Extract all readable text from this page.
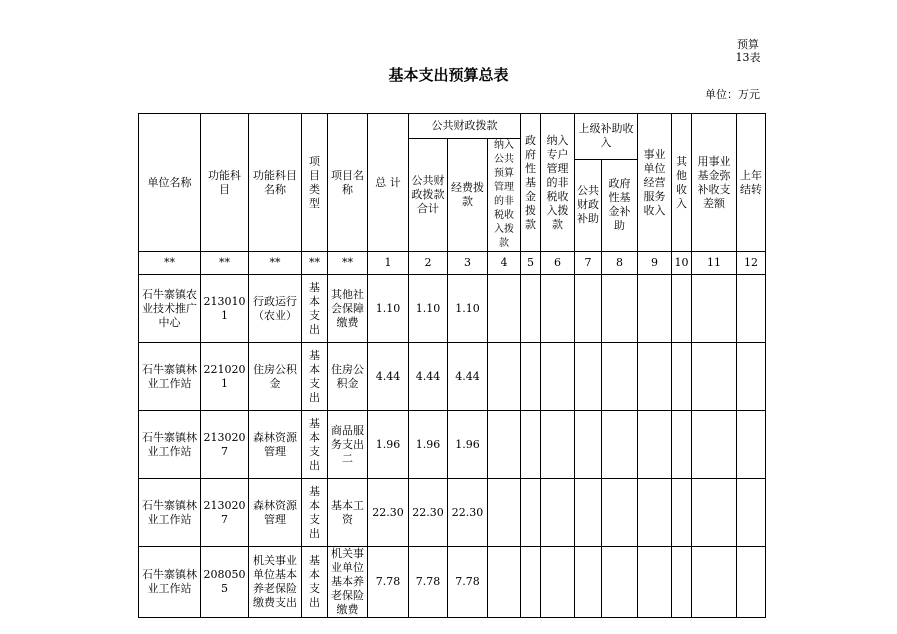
预算13表
基本支出预算总表
单位：万元
单位名称	功能科目	功能科目名称	项目类型	项目名称	总 计	公共财政拨款			政府性基金拨款	纳入专户管理的非税收入拨款	上级补助收入		事业单位经营服务收入	其他收入	用事业基金弥补收支差额	上年结转
						公共财政拨款合计	经费拨款	纳入公共预算管理的非税收入拨款								
											公共财政补助	政府性基金补助				
**	**	**	**	**	1	2	3	4	5	6	7	8	9	10	11	12
石牛寨镇农业技术推广中心	2130101	行政运行（农业）	基本支出	其他社会保障缴费	1.10	1.10	1.10									
石牛寨镇林业工作站	2210201	住房公积金	基本支出	住房公积金	4.44	4.44	4.44									
石牛寨镇林业工作站	2130207	森林资源管理	基本支出	商品服务支出二	1.96	1.96	1.96									
石牛寨镇林业工作站	2130207	森林资源管理	基本支出	基本工资	22.30	22.30	22.30									
石牛寨镇林业工作站	2080505	机关事业单位基本养老保险缴费支出	基本支出	机关事业单位基本养老保险缴费	7.78	7.78	7.78									
